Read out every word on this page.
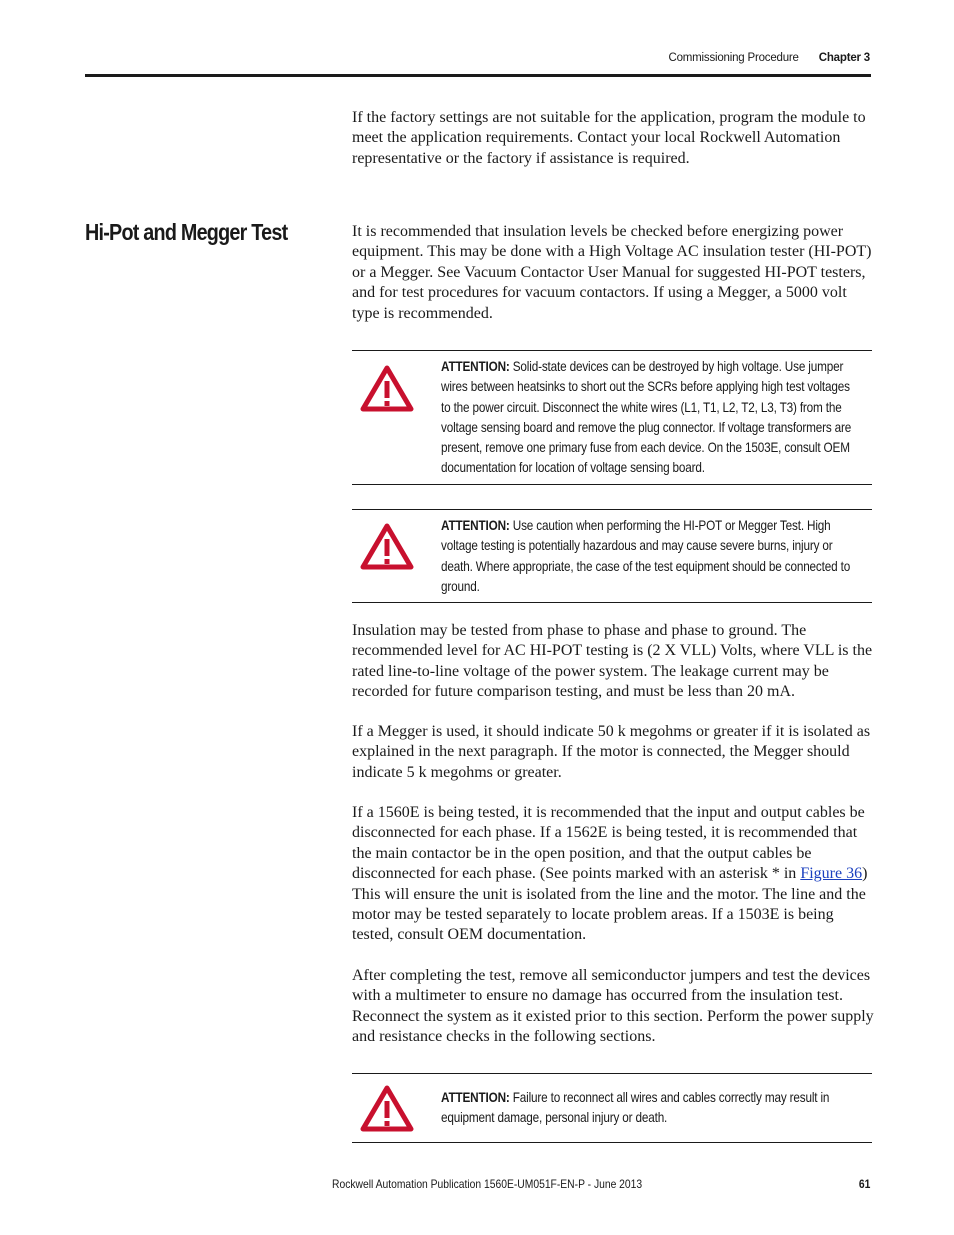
Commissioning Procedure Chapter 3

If the factory settings are not suitable for the application, program the module to meet the application requirements. Contact your local Rockwell Automation representative or the factory if assistance is required.

Hi-Pot and Megger Test	It is recommended that insulation levels be checked before energizing power equipment. This may be done with a High Voltage AC insulation tester (HI-POT) or a Megger. See Vacuum Contactor User Manual for suggested HI-POT testers, and for test procedures for vacuum contactors. If using a Megger, a 5000 volt type is recommended.

ATTENTION: Solid-state devices can be destroyed by high voltage. Use jumper wires between heatsinks to short out the SCRs before applying high test voltages to the power circuit. Disconnect the white wires (L1, T1, L2, T2, L3, T3) from the voltage sensing board and remove the plug connector. If voltage transformers are present, remove one primary fuse from each device. On the 1503E, consult OEM documentation for location of voltage sensing board.
ATTENTION: Use caution when performing the HI-POT or Megger Test. High voltage testing is potentially hazardous and may cause severe burns, injury or death. Where appropriate, the case of the test equipment should be connected to ground.

Insulation may be tested from phase to phase and phase to ground. The recommended level for AC HI-POT testing is (2 X VLL) Volts, where VLL is the rated line-to-line voltage of the power system. The leakage current may be recorded for future comparison testing, and must be less than 20 mA.

If a Megger is used, it should indicate 50 k megohms or greater if it is isolated as explained in the next paragraph. If the motor is connected, the Megger should indicate 5 k megohms or greater.

If a 1560E is being tested, it is recommended that the input and output cables be disconnected for each phase. If a 1562E is being tested, it is recommended that the main contactor be in the open position, and that the output cables be disconnected for each phase. (See points marked with an asterisk * in Figure 36) This will ensure the unit is isolated from the line and the motor. The line and the motor may be tested separately to locate problem areas. If a 1503E is being tested, consult OEM documentation.

After completing the test, remove all semiconductor jumpers and test the devices with a multimeter to ensure no damage has occurred from the insulation test. Reconnect the system as it existed prior to this section. Perform the power supply and resistance checks in the following sections.

ATTENTION: Failure to reconnect all wires and cables correctly may result in equipment damage, personal injury or death.
Rockwell Automation Publication 1560E-UM051F-EN-P - June 2013	61
